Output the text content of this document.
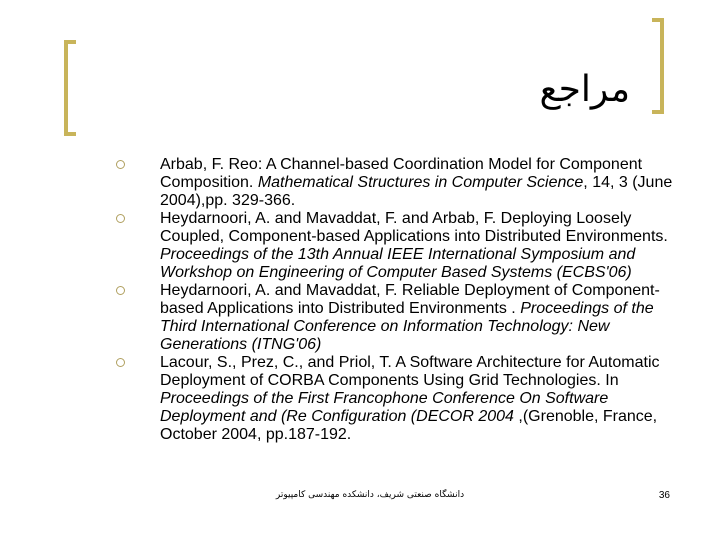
مراجع
Arbab, F. Reo: A Channel-based Coordination Model for Component Composition. Mathematical Structures in Computer Science, 14, 3 (June 2004),pp. 329-366.
Heydarnoori, A. and Mavaddat, F. and Arbab, F. Deploying Loosely Coupled, Component-based Applications into Distributed Environments. Proceedings of the 13th Annual IEEE International Symposium and Workshop on Engineering of Computer Based Systems (ECBS'06)
Heydarnoori, A. and Mavaddat, F. Reliable Deployment of Component-based Applications into Distributed Environments . Proceedings of the Third International Conference on Information Technology: New Generations (ITNG'06)
Lacour, S., Prez, C., and Priol, T. A Software Architecture for Automatic Deployment of CORBA Components Using Grid Technologies. In Proceedings of the First Francophone Conference On Software Deployment and (Re Configuration (DECOR 2004 ,(Grenoble, France, October 2004, pp.187-192.
دانشگاه صنعتی شریف، دانشکده مهندسی کامپیوتر	36
